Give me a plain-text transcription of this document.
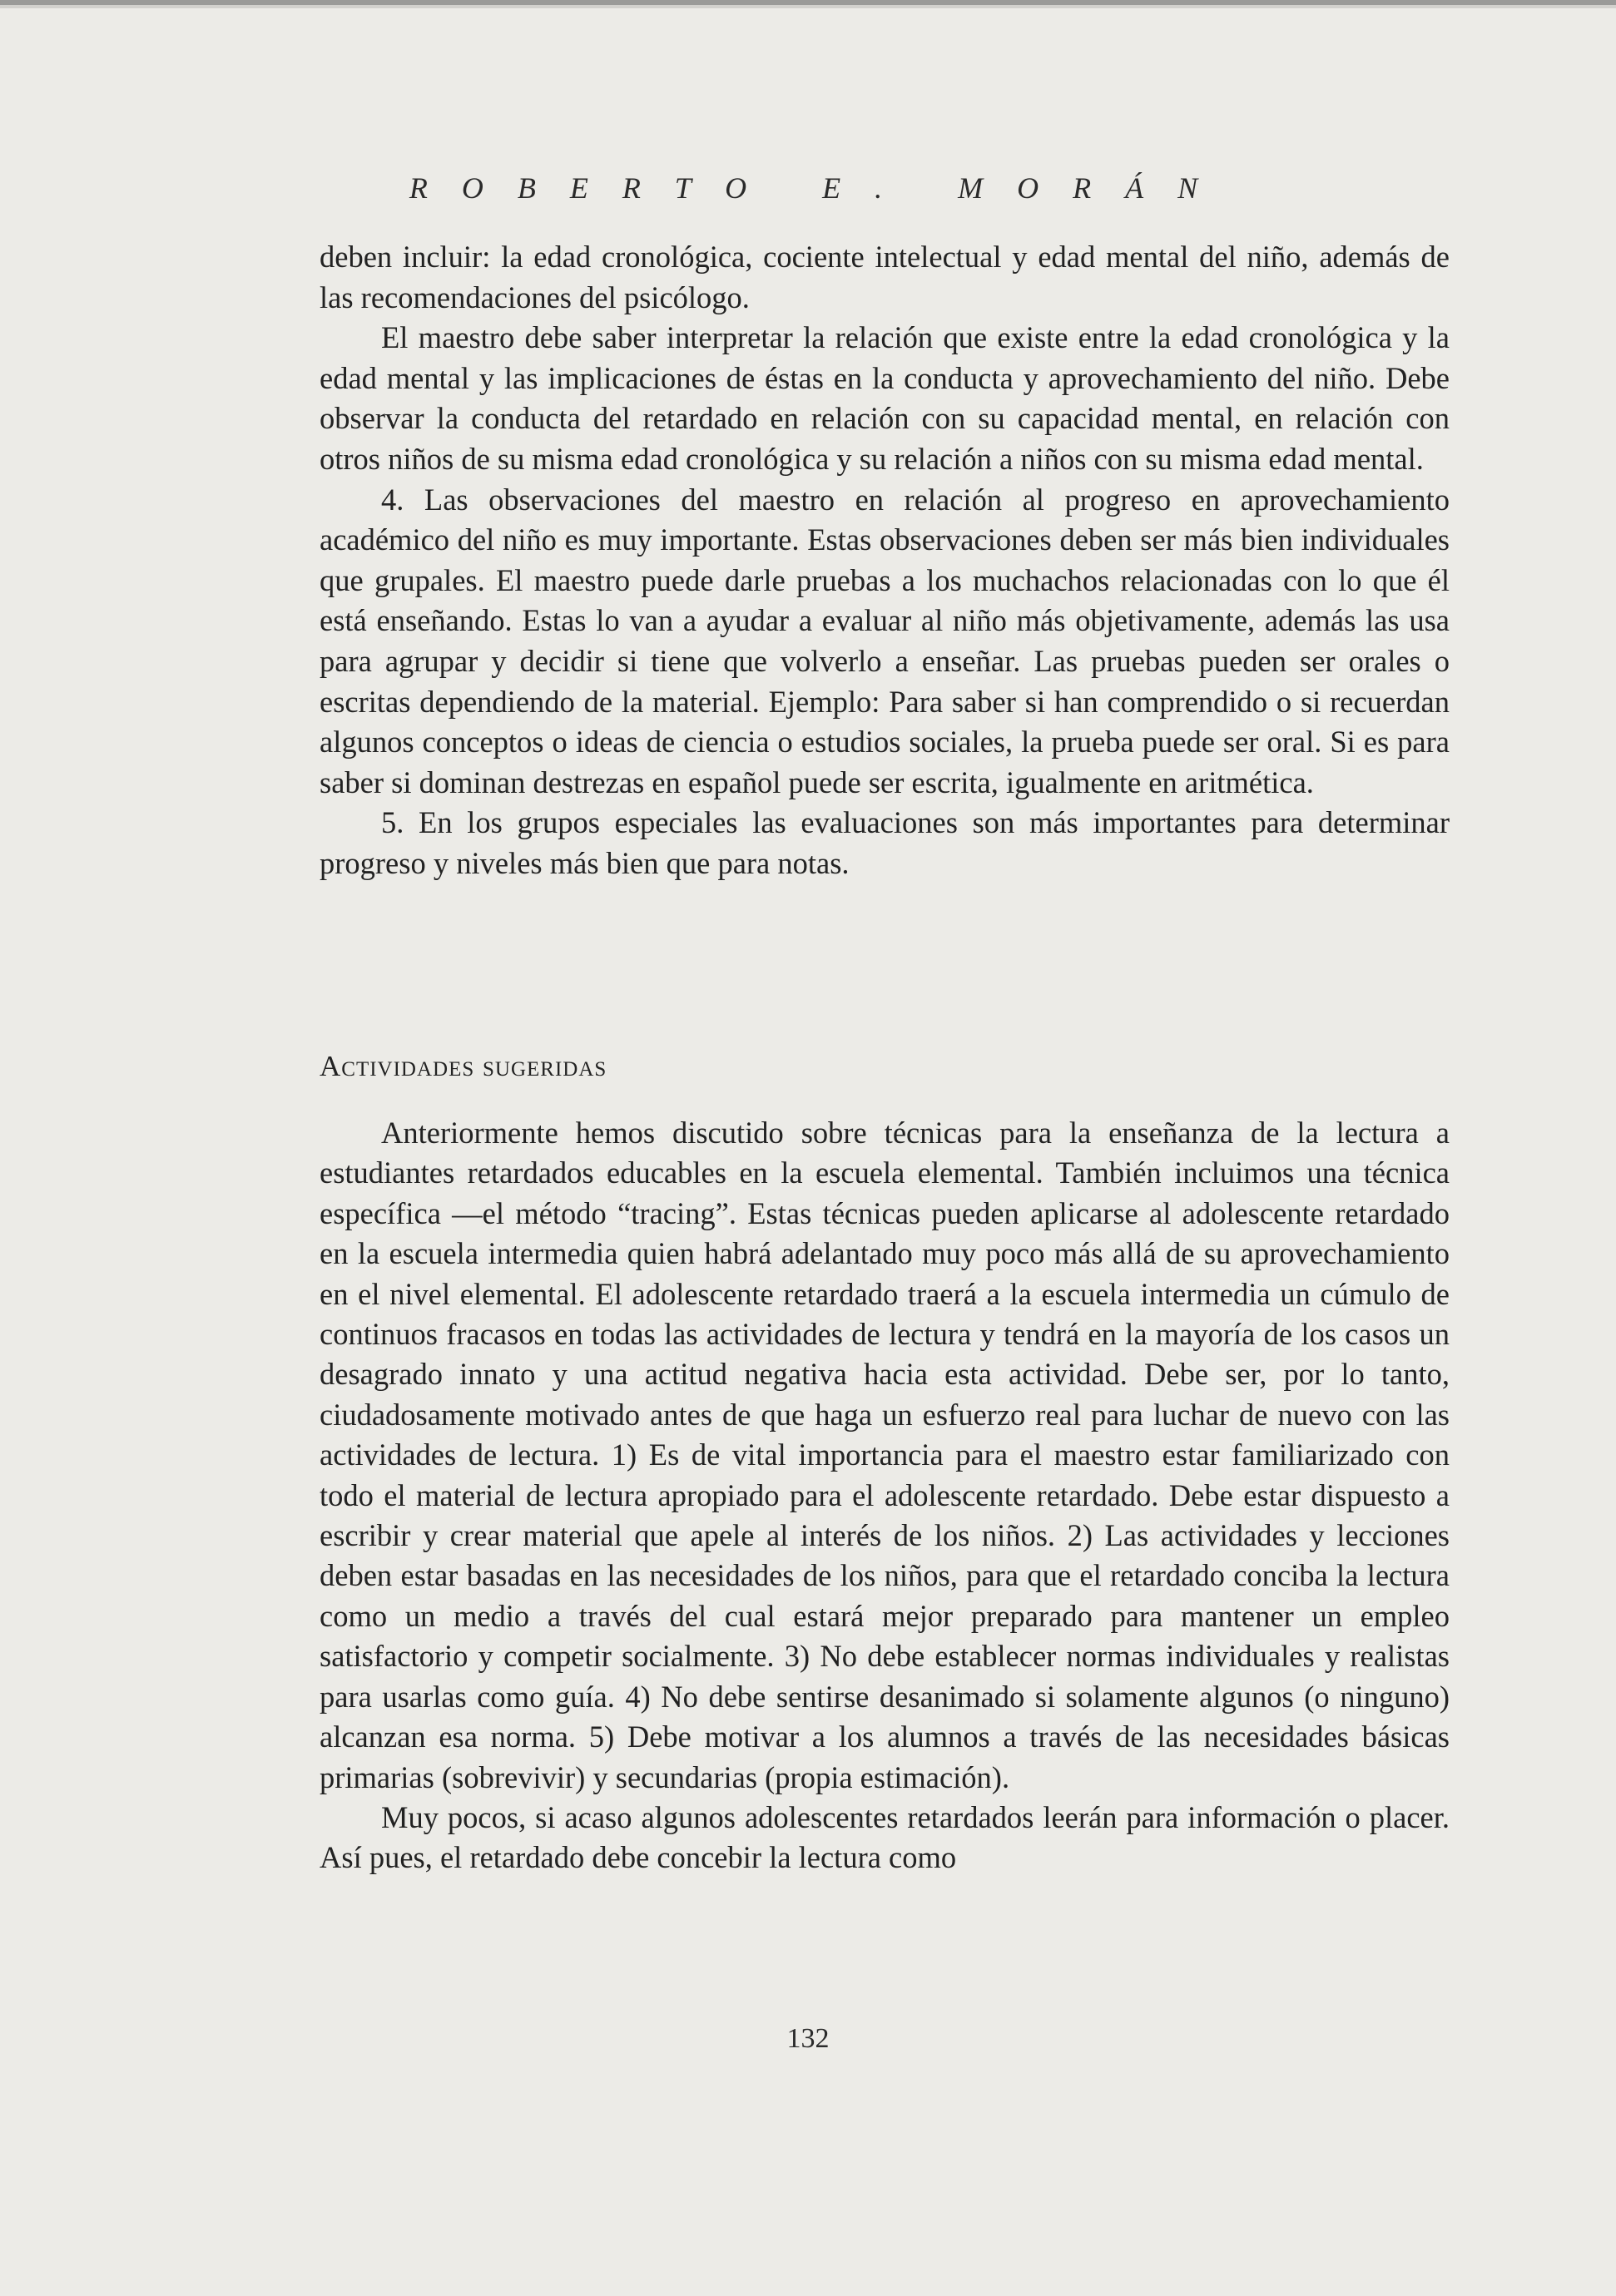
ROBERTO E. MORÁN

deben incluir: la edad cronológica, cociente intelectual y edad mental del niño, además de las recomendaciones del psicólogo.

El maestro debe saber interpretar la relación que existe entre la edad cronológica y la edad mental y las implicaciones de éstas en la conducta y aprovechamiento del niño. Debe observar la conducta del retardado en relación con su capacidad mental, en relación con otros niños de su misma edad cronológica y su relación a niños con su misma edad mental.

4. Las observaciones del maestro en relación al progreso en aprovechamiento académico del niño es muy importante. Estas observaciones deben ser más bien individuales que grupales. El maestro puede darle pruebas a los muchachos relacionadas con lo que él está enseñando. Estas lo van a ayudar a evaluar al niño más objetivamente, además las usa para agrupar y decidir si tiene que volverlo a enseñar. Las pruebas pueden ser orales o escritas dependiendo de la material. Ejemplo: Para saber si han comprendido o si recuerdan algunos conceptos o ideas de ciencia o estudios sociales, la prueba puede ser oral. Si es para saber si dominan destrezas en español puede ser escrita, igualmente en aritmética.

5. En los grupos especiales las evaluaciones son más importantes para determinar progreso y niveles más bien que para notas.

Actividades sugeridas

Anteriormente hemos discutido sobre técnicas para la enseñanza de la lectura a estudiantes retardados educables en la escuela elemental. También incluimos una técnica específica —el método “tracing”. Estas técnicas pueden aplicarse al adolescente retardado en la escuela intermedia quien habrá adelantado muy poco más allá de su aprovechamiento en el nivel elemental. El adolescente retardado traerá a la escuela intermedia un cúmulo de continuos fracasos en todas las actividades de lectura y tendrá en la mayoría de los casos un desagrado innato y una actitud negativa hacia esta actividad. Debe ser, por lo tanto, ciudadosamente motivado antes de que haga un esfuerzo real para luchar de nuevo con las actividades de lectura. 1) Es de vital importancia para el maestro estar familiarizado con todo el material de lectura apropiado para el adolescente retardado. Debe estar dispuesto a escribir y crear material que apele al interés de los niños. 2) Las actividades y lecciones deben estar basadas en las necesidades de los niños, para que el retardado conciba la lectura como un medio a través del cual estará mejor preparado para mantener un empleo satisfactorio y competir socialmente. 3) No debe establecer normas individuales y realistas para usarlas como guía. 4) No debe sentirse desanimado si solamente algunos (o ninguno) alcanzan esa norma. 5) Debe motivar a los alumnos a través de las necesidades básicas primarias (sobrevivir) y secundarias (propia estimación).

Muy pocos, si acaso algunos adolescentes retardados leerán para información o placer. Así pues, el retardado debe concebir la lectura como

132
